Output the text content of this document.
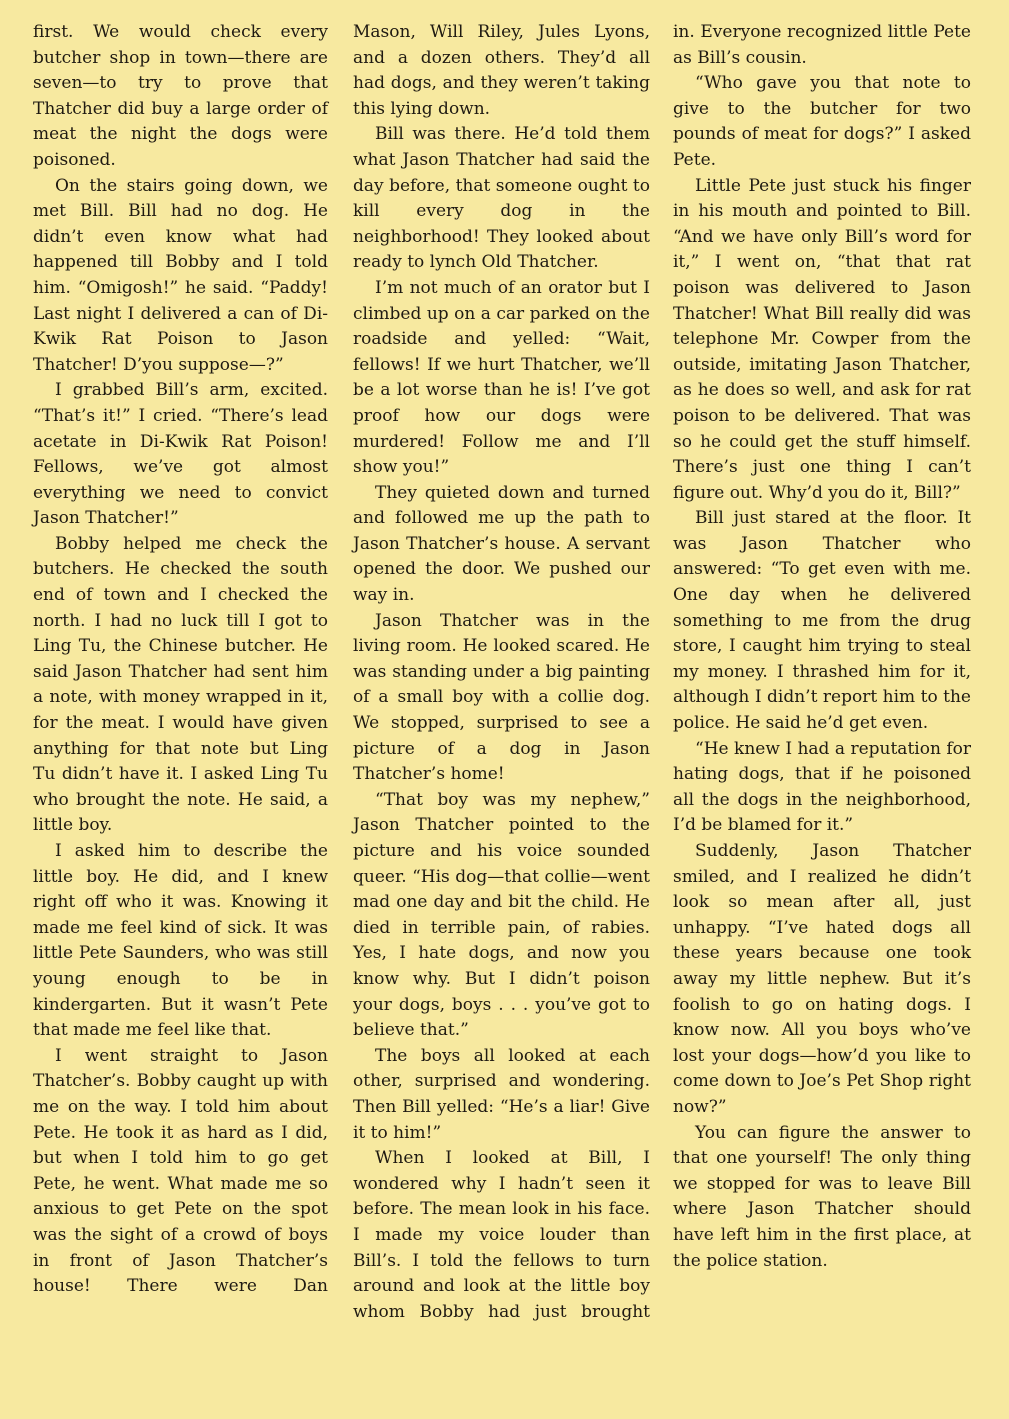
first. We would check every butcher shop in town—there are seven—to try to prove that Thatcher did buy a large order of meat the night the dogs were poisoned.

On the stairs going down, we met Bill. Bill had no dog. He didn’t even know what had happened till Bobby and I told him. “Omigosh!” he said. “Paddy! Last night I delivered a can of Di-Kwik Rat Poison to Jason Thatcher! D’you suppose—?”

I grabbed Bill’s arm, excited. “That’s it!” I cried. “There’s lead acetate in Di-Kwik Rat Poison! Fellows, we’ve got almost everything we need to convict Jason Thatcher!”

Bobby helped me check the butchers. He checked the south end of town and I checked the north. I had no luck till I got to Ling Tu, the Chinese butcher. He said Jason Thatcher had sent him a note, with money wrapped in it, for the meat. I would have given anything for that note but Ling Tu didn’t have it. I asked Ling Tu who brought the note. He said, a little boy.

I asked him to describe the little boy. He did, and I knew right off who it was. Knowing it made me feel kind of sick. It was little Pete Saunders, who was still young enough to be in kindergarten. But it wasn’t Pete that made me feel like that.

I went straight to Jason Thatcher’s. Bobby caught up with me on the way. I told him about Pete. He took it as hard as I did, but when I told him to go get Pete, he went. What made me so anxious to get Pete on the spot was the sight of a crowd of boys in front of Jason Thatcher’s house! There were Dan

Mason, Will Riley, Jules Lyons, and a dozen others. They’d all had dogs, and they weren’t taking this lying down.

Bill was there. He’d told them what Jason Thatcher had said the day before, that someone ought to kill every dog in the neighborhood! They looked about ready to lynch Old Thatcher.

I’m not much of an orator but I climbed up on a car parked on the roadside and yelled: “Wait, fellows! If we hurt Thatcher, we’ll be a lot worse than he is! I’ve got proof how our dogs were murdered! Follow me and I’ll show you!”

They quieted down and turned and followed me up the path to Jason Thatcher’s house. A servant opened the door. We pushed our way in.

Jason Thatcher was in the living room. He looked scared. He was standing under a big painting of a small boy with a collie dog. We stopped, surprised to see a picture of a dog in Jason Thatcher’s home!

“That boy was my nephew,” Jason Thatcher pointed to the picture and his voice sounded queer. “His dog—that collie—went mad one day and bit the child. He died in terrible pain, of rabies. Yes, I hate dogs, and now you know why. But I didn’t poison your dogs, boys . . . you’ve got to believe that.”

The boys all looked at each other, surprised and wondering. Then Bill yelled: “He’s a liar! Give it to him!”

When I looked at Bill, I wondered why I hadn’t seen it before. The mean look in his face. I made my voice louder than Bill’s. I told the fellows to turn around and look at the little boy whom Bobby had just brought

in. Everyone recognized little Pete as Bill’s cousin.

“Who gave you that note to give to the butcher for two pounds of meat for dogs?” I asked Pete.

Little Pete just stuck his finger in his mouth and pointed to Bill. “And we have only Bill’s word for it,” I went on, “that that rat poison was delivered to Jason Thatcher! What Bill really did was telephone Mr. Cowper from the outside, imitating Jason Thatcher, as he does so well, and ask for rat poison to be delivered. That was so he could get the stuff himself. There’s just one thing I can’t figure out. Why’d you do it, Bill?”

Bill just stared at the floor. It was Jason Thatcher who answered: “To get even with me. One day when he delivered something to me from the drug store, I caught him trying to steal my money. I thrashed him for it, although I didn’t report him to the police. He said he’d get even.

“He knew I had a reputation for hating dogs, that if he poisoned all the dogs in the neighborhood, I’d be blamed for it.”

Suddenly, Jason Thatcher smiled, and I realized he didn’t look so mean after all, just unhappy. “I’ve hated dogs all these years because one took away my little nephew. But it’s foolish to go on hating dogs. I know now. All you boys who’ve lost your dogs—how’d you like to come down to Joe’s Pet Shop right now?”

You can figure the answer to that one yourself! The only thing we stopped for was to leave Bill where Jason Thatcher should have left him in the first place, at the police station.
